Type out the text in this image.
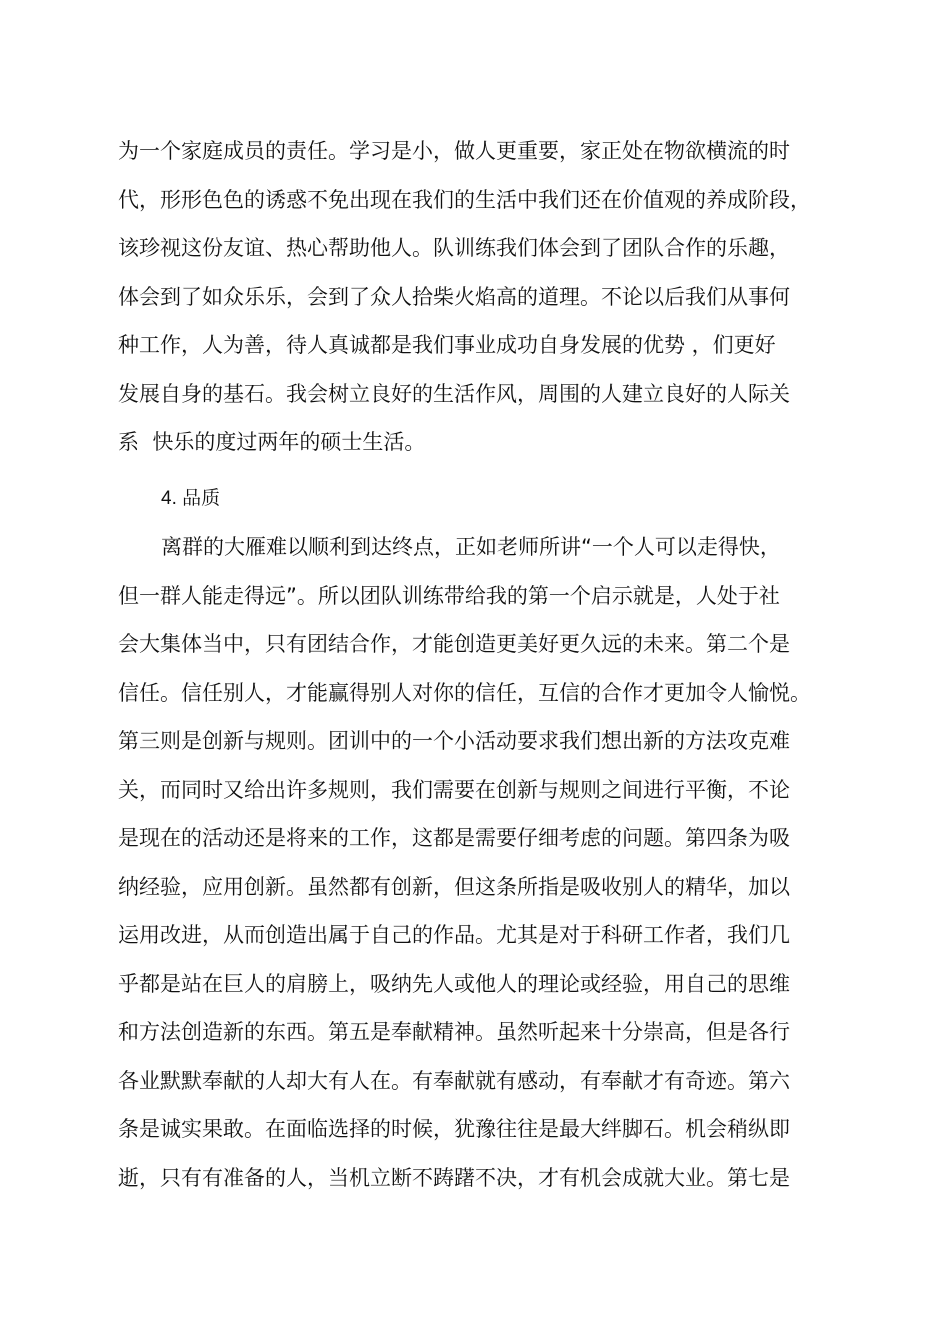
为一个家庭成员的责任。学习是小，做人更重要，家正处在物欲横流的时
代，形形色色的诱惑不免出现在我们的生活中我们还在价值观的养成阶段，
该珍视这份友谊、热心帮助他人。队训练我们体会到了团队合作的乐趣，
体会到了如众乐乐，会到了众人拾柴火焰高的道理。不论以后我们从事何
种工作，人为善，待人真诚都是我们事业成功自身发展的优势 ，们更好
发展自身的基石。我会树立良好的生活作风，周围的人建立良好的人际关
系  快乐的度过两年的硕士生活。
4. 品质
离群的大雁难以顺利到达终点，正如老师所讲“一个人可以走得快，
但一群人能走得远”。所以团队训练带给我的第一个启示就是，人处于社
会大集体当中，只有团结合作，才能创造更美好更久远的未来。第二个是
信任。信任别人，才能赢得别人对你的信任，互信的合作才更加令人愉悦。
第三则是创新与规则。团训中的一个小活动要求我们想出新的方法攻克难
关，而同时又给出许多规则，我们需要在创新与规则之间进行平衡，不论
是现在的活动还是将来的工作，这都是需要仔细考虑的问题。第四条为吸
纳经验，应用创新。虽然都有创新，但这条所指是吸收别人的精华，加以
运用改进，从而创造出属于自己的作品。尤其是对于科研工作者，我们几
乎都是站在巨人的肩膀上，吸纳先人或他人的理论或经验，用自己的思维
和方法创造新的东西。第五是奉献精神。虽然听起来十分崇高，但是各行
各业默默奉献的人却大有人在。有奉献就有感动，有奉献才有奇迹。第六
条是诚实果敢。在面临选择的时候，犹豫往往是最大绊脚石。机会稍纵即
逝，只有有准备的人，当机立断不踌躇不决，才有机会成就大业。第七是
